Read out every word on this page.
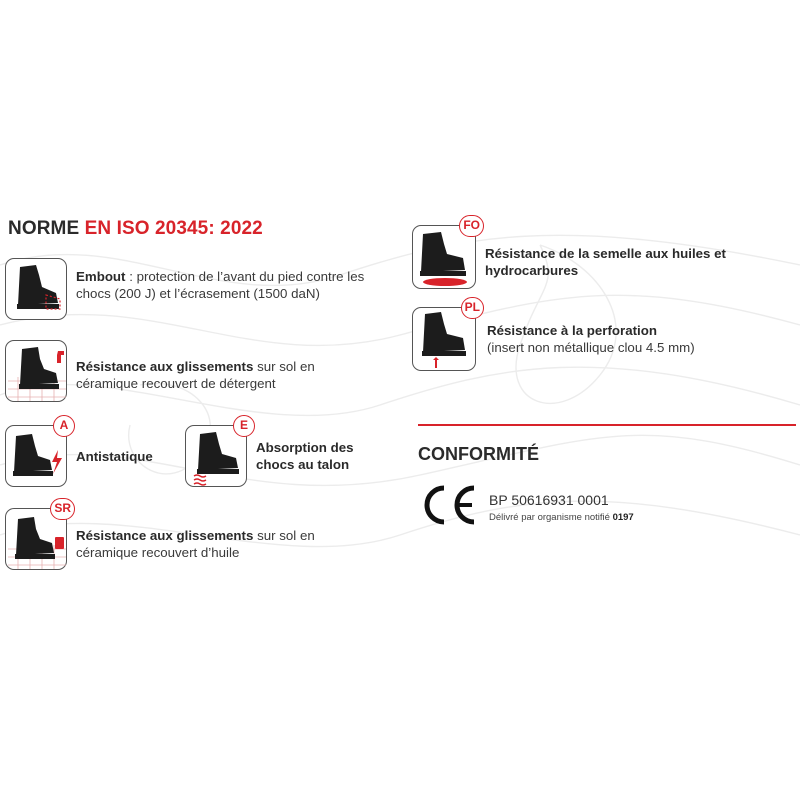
NORME EN ISO 20345: 2022
Embout : protection de l’avant du pied contre les chocs (200 J) et l’écrasement (1500 daN)
Résistance aux glissements sur sol en céramique recouvert de détergent
A
Antistatique
E
Absorption des chocs au talon
SR
Résistance aux glissements sur sol en céramique recouvert d’huile
FO
Résistance de la semelle aux huiles et hydrocarbures
PL
Résistance à la perforation
(insert non métallique clou 4.5 mm)
CONFORMITÉ
BP 50616931 0001
Délivré par organisme notifié 0197
